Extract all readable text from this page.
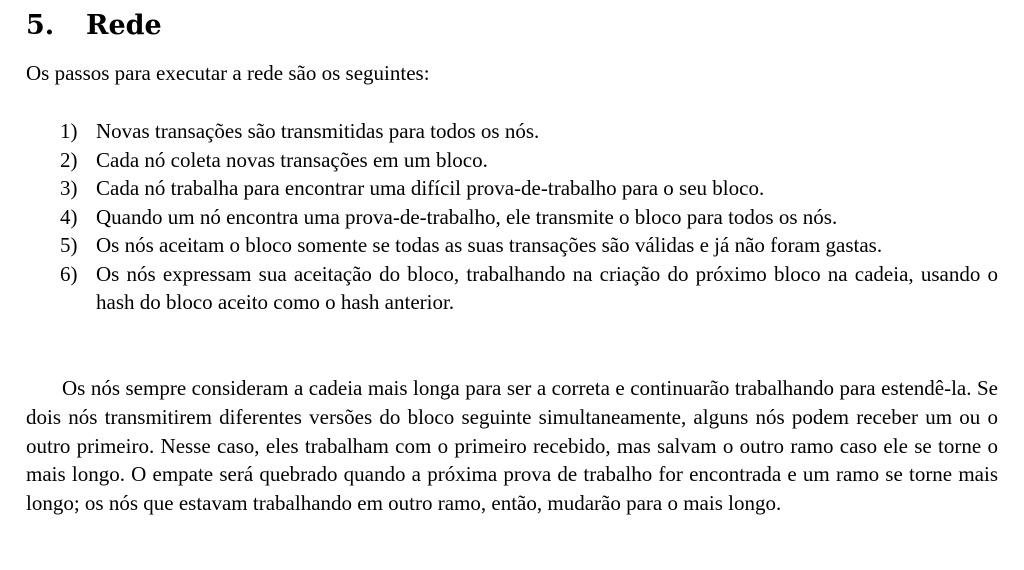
5. Rede

Os passos para executar a rede são os seguintes:

1) Novas transações são transmitidas para todos os nós.
2) Cada nó coleta novas transações em um bloco.
3) Cada nó trabalha para encontrar uma difícil prova-de-trabalho para o seu bloco.
4) Quando um nó encontra uma prova-de-trabalho, ele transmite o bloco para todos os nós.
5) Os nós aceitam o bloco somente se todas as suas transações são válidas e já não foram gastas.
6) Os nós expressam sua aceitação do bloco, trabalhando na criação do próximo bloco na cadeia, usando o hash do bloco aceito como o hash anterior.

Os nós sempre consideram a cadeia mais longa para ser a correta e continuarão trabalhando para estendê-la. Se dois nós transmitirem diferentes versões do bloco seguinte simultaneamente, alguns nós podem receber um ou o outro primeiro. Nesse caso, eles trabalham com o primeiro recebido, mas salvam o outro ramo caso ele se torne o mais longo. O empate será quebrado quando a próxima prova de trabalho for encontrada e um ramo se torne mais longo; os nós que estavam trabalhando em outro ramo, então, mudarão para o mais longo.
